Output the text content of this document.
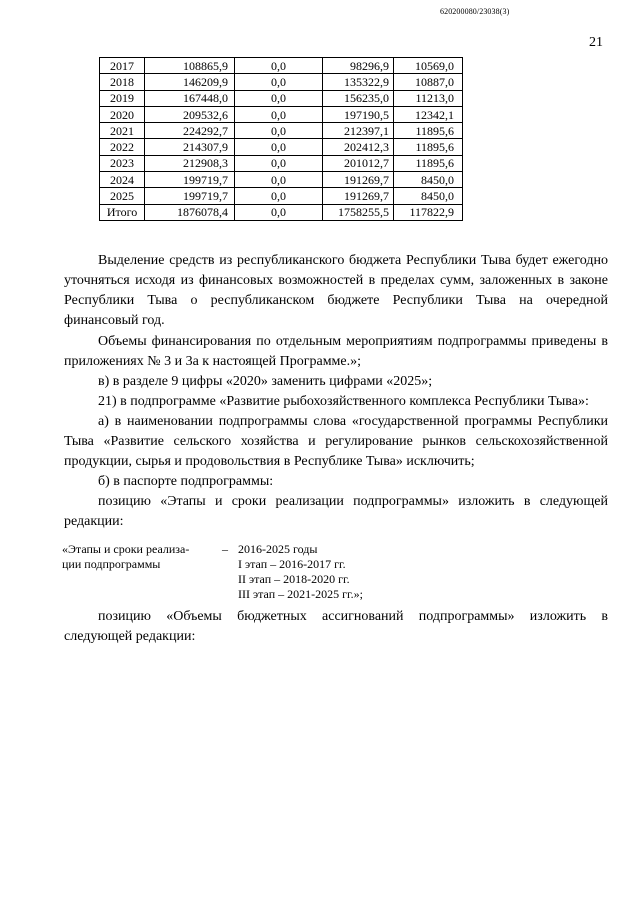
620200080/23038(3)
21
2017	108865,9	0,0	98296,9	10569,0
2018	146209,9	0,0	135322,9	10887,0
2019	167448,0	0,0	156235,0	11213,0
2020	209532,6	0,0	197190,5	12342,1
2021	224292,7	0,0	212397,1	11895,6
2022	214307,9	0,0	202412,3	11895,6
2023	212908,3	0,0	201012,7	11895,6
2024	199719,7	0,0	191269,7	8450,0
2025	199719,7	0,0	191269,7	8450,0
Итого	1876078,4	0,0	1758255,5	117822,9

Выделение средств из республиканского бюджета Республики Тыва будет ежегодно уточняться исходя из финансовых возможностей в пределах сумм, заложенных в законе Республики Тыва о республиканском бюджете Республики Тыва на очередной финансовый год.

Объемы финансирования по отдельным мероприятиям подпрограммы приведены в приложениях № 3 и 3а к настоящей Программе.»;

в) в разделе 9 цифры «2020» заменить цифрами «2025»;

21) в подпрограмме «Развитие рыбохозяйственного комплекса Республики Тыва»:

а) в наименовании подпрограммы слова «государственной программы Республики Тыва «Развитие сельского хозяйства и регулирование рынков сельскохозяйственной продукции, сырья и продовольствия в Республике Тыва» исключить;

б) в паспорте подпрограммы:

позицию «Этапы и сроки реализации подпрограммы» изложить в следующей редакции:

«Этапы и сроки реализа-
ции подпрограммы
– 2016-2025 годы
I этап – 2016-2017 гг.
II этап – 2018-2020 гг.
III этап – 2021-2025 гг.»;

позицию «Объемы бюджетных ассигнований подпрограммы» изложить в следующей редакции:
